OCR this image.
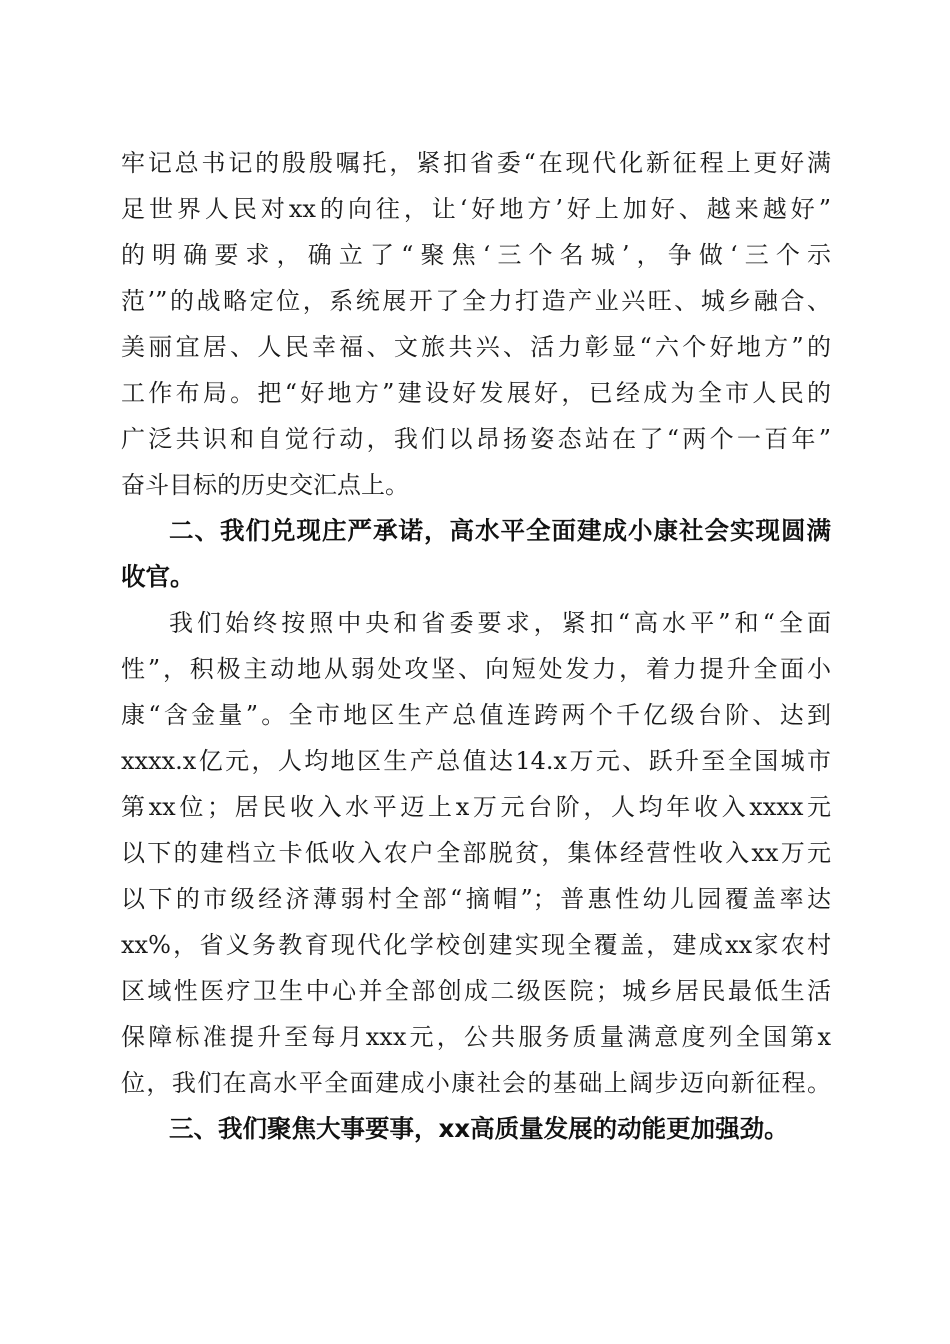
牢记总书记的殷殷嘱托，紧扣省委“在现代化新征程上更好满
足世界人民对xx的向往，让‘好地方’好上加好、越来越好”
的明确要求，确立了“聚焦‘三个名城’，争做‘三个示
范’”的战略定位，系统展开了全力打造产业兴旺、城乡融合、
美丽宜居、人民幸福、文旅共兴、活力彰显“六个好地方”的
工作布局。把“好地方”建设好发展好，已经成为全市人民的
广泛共识和自觉行动，我们以昂扬姿态站在了“两个一百年”
奋斗目标的历史交汇点上。
二、我们兑现庄严承诺，高水平全面建成小康社会实现圆满
收官。
我们始终按照中央和省委要求，紧扣“高水平”和“全面
性”，积极主动地从弱处攻坚、向短处发力，着力提升全面小
康“含金量”。全市地区生产总值连跨两个千亿级台阶、达到
xxxx.x亿元，人均地区生产总值达14.x万元、跃升至全国城市
第xx位；居民收入水平迈上x万元台阶，人均年收入xxxx元
以下的建档立卡低收入农户全部脱贫，集体经营性收入xx万元
以下的市级经济薄弱村全部“摘帽”；普惠性幼儿园覆盖率达
xx%，省义务教育现代化学校创建实现全覆盖，建成xx家农村
区域性医疗卫生中心并全部创成二级医院；城乡居民最低生活
保障标准提升至每月xxx元，公共服务质量满意度列全国第x
位，我们在高水平全面建成小康社会的基础上阔步迈向新征程。
三、我们聚焦大事要事，xx高质量发展的动能更加强劲。
